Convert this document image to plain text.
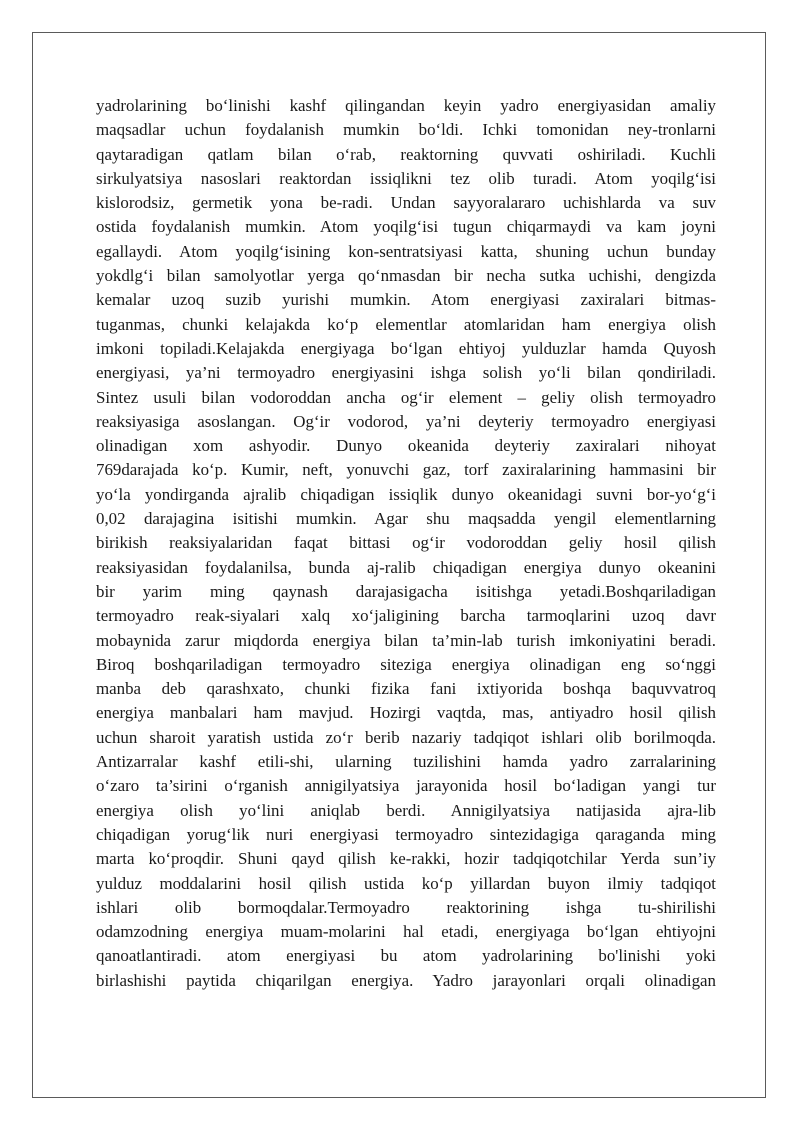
yadrolarining bo‘linishi kashf qilingandan keyin yadro energiyasidan amaliy
maqsadlar uchun foydalanish mumkin bo‘ldi. Ichki tomonidan ney-tronlarni
qaytaradigan qatlam bilan o‘rab, reaktorning quvvati oshiriladi. Kuchli
sirkulyatsiya nasoslari reaktordan issiqlikni tez olib turadi. Atom yoqilg‘isi
kislorodsiz, germetik yona be-radi. Undan sayyoralararo uchishlarda va suv
ostida foydalanish mumkin. Atom yoqilg‘isi tugun chiqarmaydi va kam joyni
egallaydi. Atom yoqilg‘isining kon-sentratsiyasi katta, shuning uchun bunday
yokdlg‘i bilan samolyotlar yerga qo‘nmasdan bir necha sutka uchishi, dengizda
kemalar uzoq suzib yurishi mumkin. Atom energiyasi zaxiralari bitmas-
tuganmas, chunki kelajakda ko‘p elementlar atomlaridan ham energiya olish
imkoni topiladi.Kelajakda energiyaga bo‘lgan ehtiyoj yulduzlar hamda Quyosh
energiyasi, ya’ni termoyadro energiyasini ishga solish yo‘li bilan qondiriladi.
Sintez usuli bilan vodoroddan ancha og‘ir element – geliy olish termoyadro
reaksiyasiga asoslangan. Og‘ir vodorod, ya’ni deyteriy termoyadro energiyasi
olinadigan xom ashyodir. Dunyo okeanida deyteriy zaxiralari nihoyat
769darajada ko‘p. Kumir, neft, yonuvchi gaz, torf zaxiralarining hammasini bir
yo‘la yondirganda ajralib chiqadigan issiqlik dunyo okeanidagi suvni bor-yo‘g‘i
0,02 darajagina isitishi mumkin. Agar shu maqsadda yengil elementlarning
birikish reaksiyalaridan faqat bittasi og‘ir vodoroddan geliy hosil qilish
reaksiyasidan foydalanilsa, bunda aj-ralib chiqadigan energiya dunyo okeanini
bir yarim ming qaynash darajasigacha isitishga yetadi.Boshqariladigan
termoyadro reak-siyalari xalq xo‘jaligining barcha tarmoqlarini uzoq davr
mobaynida zarur miqdorda energiya bilan ta’min-lab turish imkoniyatini beradi.
Biroq boshqariladigan termoyadro siteziga energiya olinadigan eng so‘nggi
manba deb qarashxato, chunki fizika fani ixtiyorida boshqa baquvvatroq
energiya manbalari ham mavjud. Hozirgi vaqtda, mas, antiyadro hosil qilish
uchun sharoit yaratish ustida zo‘r berib nazariy tadqiqot ishlari olib borilmoqda.
Antizarralar kashf etili-shi, ularning tuzilishini hamda yadro zarralarining
o‘zaro ta’sirini o‘rganish annigilyatsiya jarayonida hosil bo‘ladigan yangi tur
energiya olish yo‘lini aniqlab berdi. Annigilyatsiya natijasida ajra-lib
chiqadigan yorug‘lik nuri energiyasi termoyadro sintezidagiga qaraganda ming
marta ko‘proqdir. Shuni qayd qilish ke-rakki, hozir tadqiqotchilar Yerda sun’iy
yulduz moddalarini hosil qilish ustida ko‘p yillardan buyon ilmiy tadqiqot
ishlari olib bormoqdalar.Termoyadro reaktorining ishga tu-shirilishi
odamzodning energiya muam-molarini hal etadi, energiyaga bo‘lgan ehtiyojni
qanoatlantiradi. atom energiyasi bu atom yadrolarining bo'linishi yoki
birlashishi paytida chiqarilgan energiya. Yadro jarayonlari orqali olinadigan
